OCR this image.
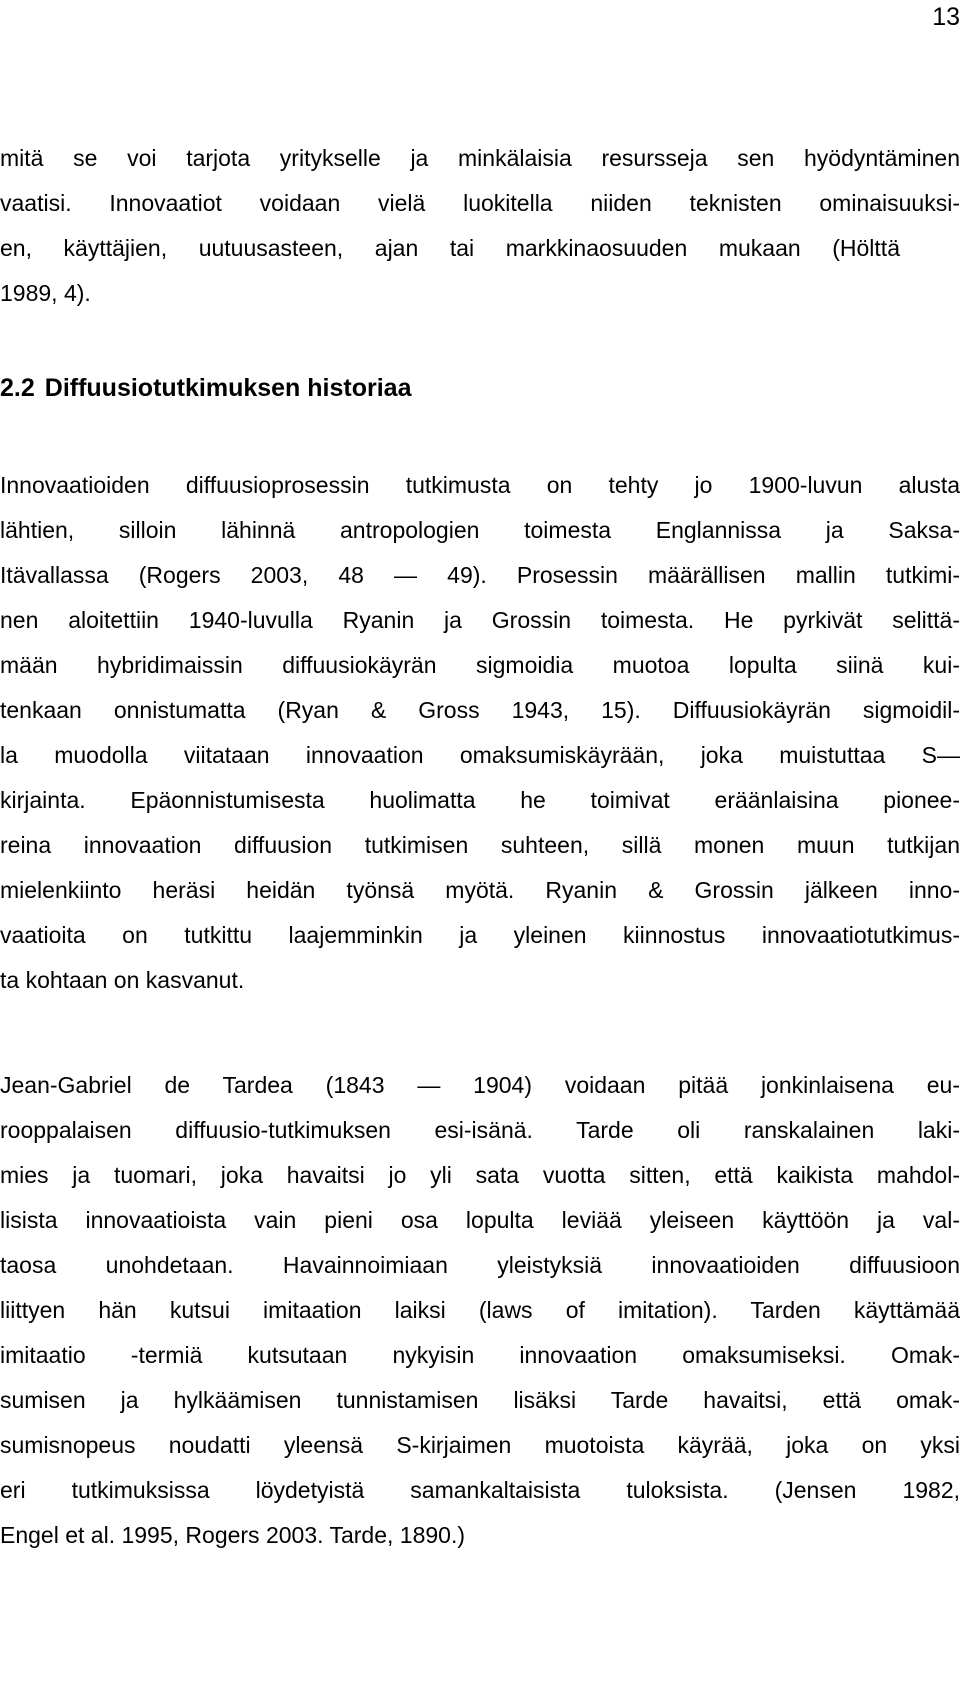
13
mitä se voi tarjota yritykselle ja minkälaisia resursseja sen hyödyntäminen
vaatisi. Innovaatiot voidaan vielä luokitella niiden teknisten ominaisuuksi-
en, käyttäjien, uutuusasteen, ajan tai markkinaosuuden mukaan (Hölttä
1989, 4).
2.2 Diffuusiotutkimuksen historiaa
Innovaatioiden diffuusioprosessin tutkimusta on tehty jo 1900-luvun alusta
lähtien, silloin lähinnä antropologien toimesta Englannissa ja Saksa-
Itävallassa (Rogers 2003, 48 — 49). Prosessin määrällisen mallin tutkimi-
nen aloitettiin 1940-luvulla Ryanin ja Grossin toimesta. He pyrkivät selittä-
mään hybridimaissin diffuusiokäyrän sigmoidia muotoa lopulta siinä kui-
tenkaan onnistumatta (Ryan & Gross 1943, 15). Diffuusiokäyrän sigmoidil-
la muodolla viitataan innovaation omaksumiskäyrään, joka muistuttaa S—
kirjainta. Epäonnistumisesta huolimatta he toimivat eräänlaisina pionee-
reina innovaation diffuusion tutkimisen suhteen, sillä monen muun tutkijan
mielenkiinto heräsi heidän työnsä myötä. Ryanin & Grossin jälkeen inno-
vaatioita on tutkittu laajemminkin ja yleinen kiinnostus innovaatiotutkimus-
ta kohtaan on kasvanut.
Jean-Gabriel de Tardea (1843 — 1904) voidaan pitää jonkinlaisena eu-
rooppalaisen diffuusio-tutkimuksen esi-isänä. Tarde oli ranskalainen laki-
mies ja tuomari, joka havaitsi jo yli sata vuotta sitten, että kaikista mahdol-
lisista innovaatioista vain pieni osa lopulta leviää yleiseen käyttöön ja val-
taosa unohdetaan. Havainnoimiaan yleistyksiä innovaatioiden diffuusioon
liittyen hän kutsui imitaation laiksi (laws of imitation). Tarden käyttämää
imitaatio -termiä kutsutaan nykyisin innovaation omaksumiseksi. Omak-
sumisen ja hylkäämisen tunnistamisen lisäksi Tarde havaitsi, että omak-
sumisnopeus noudatti yleensä S-kirjaimen muotoista käyrää, joka on yksi
eri tutkimuksissa löydetyistä samankaltaisista tuloksista. (Jensen 1982,
Engel et al. 1995, Rogers 2003. Tarde, 1890.)
